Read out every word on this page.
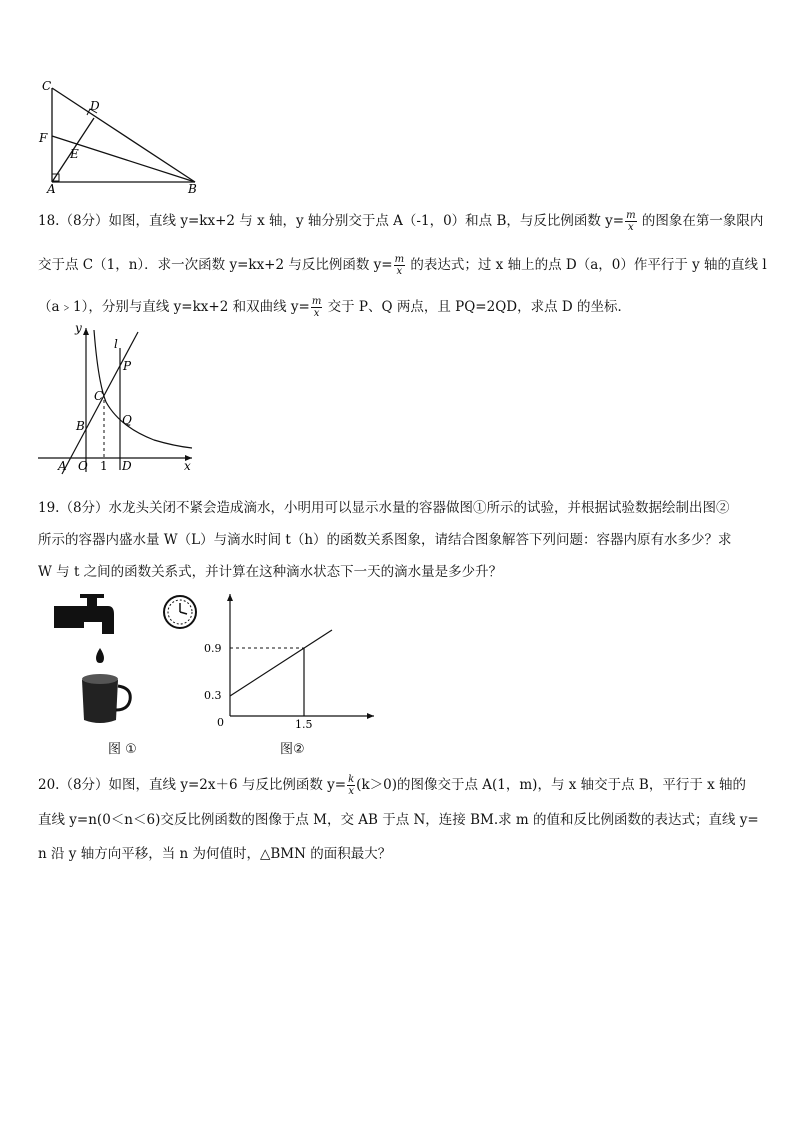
C
D
F
E
A	B
18.（8分）如图，直线 y=kx+2 与 x 轴，y 轴分别交于点 A（-1，0）和点 B，与反比例函数 $y= \frac{m}{x}$ 的图象在第一象限内
交于点 C（1，n）．求一次函数 y=kx+2 与反比例函数 $y= \frac{m}{x}$ 的表达式；过 x 轴上的点 D（a，0）作平行于 y 轴的直线 l
（a﹥1），分别与直线 y=kx+2 和双曲线 $y= \frac{m}{x}$ 交于 P、Q 两点，且 PQ=2QD，求点 D 的坐标．
y
l
P
C
Q
B
A O 1 D	x
19.（8分）水龙头关闭不紧会造成滴水，小明用可以显示水量的容器做图①所示的试验，并根据试验数据绘制出图②
所示的容器内盛水量 W（L）与滴水时间 t（h）的函数关系图象，请结合图象解答下列问题：容器内原有水多少？求
W 与 t 之间的函数关系式，并计算在这种滴水状态下一天的滴水量是多少升？
图 ①
0.9
0.3
0	1.5
图②
20.（8分）如图，直线 y=2x＋6 与反比例函数 $y= \frac{k}{x} (k>0)$的图像交于点 A(1，m)，与 x 轴交于点 B，平行于 x 轴的
直线 y=n(0＜n＜6)交反比例函数的图像于点 M，交 AB 于点 N，连接 BM.求 m 的值和反比例函数的表达式；直线 y=
n 沿 y 轴方向平移，当 n 为何值时，△BMN 的面积最大？
